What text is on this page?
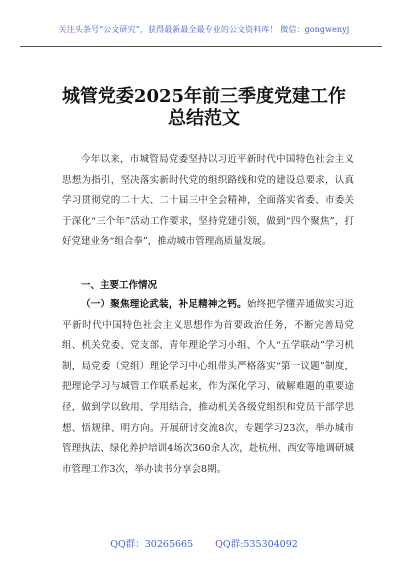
关注头条号“公文研究”，获得最新最全最专业的公文资料库！ 微信：gongwenyj
城管党委2025年前三季度党建工作总结范文

今年以来，市城管局党委坚持以习近平新时代中国特色社会主义思想为指引，坚决落实新时代党的组织路线和党的建设总要求，认真学习贯彻党的二十大、二十届三中全会精神，全面落实省委、市委关于深化“三个年”活动工作要求，坚持党建引领，做到“四个聚焦”，打好党建业务“组合拳”，推动城市管理高质量发展。

一、主要工作情况

（一）聚焦理论武装，补足精神之钙。始终把学懂弄通做实习近平新时代中国特色社会主义思想作为首要政治任务，不断完善局党组、机关党委、党支部、青年理论学习小组、个人“五学联动”学习机制，局党委（党组）理论学习中心组带头严格落实“第一议题”制度，把理论学习与城管工作联系起来，作为深化学习、破解难题的重要途径，做到学以致用、学用结合，推动机关各级党组织和党员干部学思想、悟规律、明方向。开展研讨交流8次，专题学习23次，举办城市管理执法、绿化养护培训4场次360余人次，赴杭州、西安等地调研城市管理工作3次，举办读书分享会8期。

QQ群：30265665 QQ群:535304092
